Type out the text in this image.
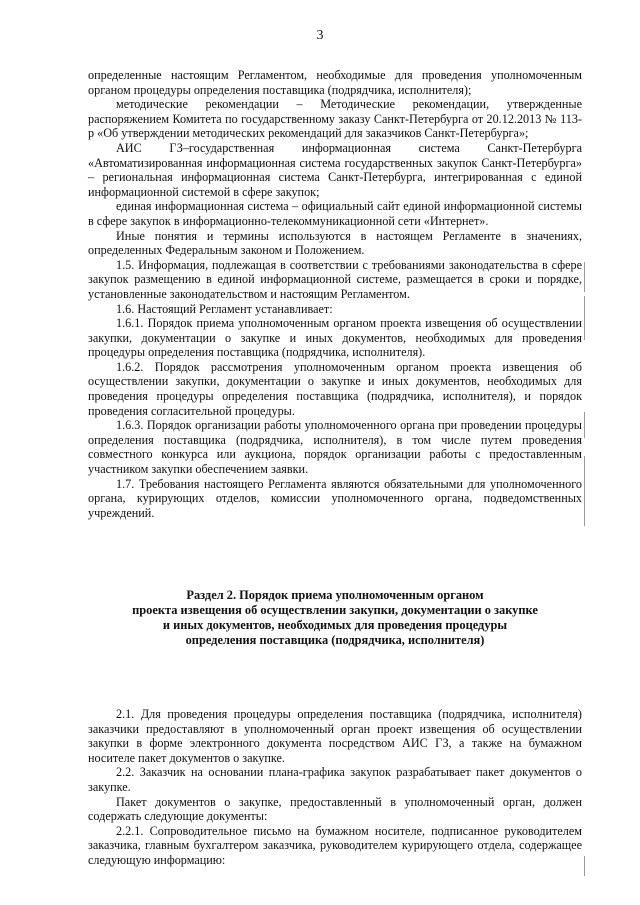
3

определенные настоящим Регламентом, необходимые для проведения уполномоченным органом процедуры определения поставщика (подрядчика, исполнителя);

методические рекомендации – Методические рекомендации, утвержденные распоряжением Комитета по государственному заказу Санкт-Петербурга от 20.12.2013 № 113-р «Об утверждении методических рекомендаций для заказчиков Санкт-Петербурга»;

АИС ГЗ–государственная информационная система Санкт-Петербурга «Автоматизированная информационная система государственных закупок Санкт-Петербурга» – региональная информационная система Санкт-Петербурга, интегрированная с единой информационной системой в сфере закупок;

единая информационная система – официальный сайт единой информационной системы в сфере закупок в информационно-телекоммуникационной сети «Интернет».

Иные понятия и термины используются в настоящем Регламенте в значениях, определенных Федеральным законом и Положением.

1.5. Информация, подлежащая в соответствии с требованиями законодательства в сфере закупок размещению в единой информационной системе, размещается в сроки и порядке, установленные законодательством и настоящим Регламентом.

1.6. Настоящий Регламент устанавливает:

1.6.1. Порядок приема уполномоченным органом проекта извещения об осуществлении закупки, документации о закупке и иных документов, необходимых для проведения процедуры определения поставщика (подрядчика, исполнителя).

1.6.2. Порядок рассмотрения уполномоченным органом проекта извещения об осуществлении закупки, документации о закупке и иных документов, необходимых для проведения процедуры определения поставщика (подрядчика, исполнителя), и порядок проведения согласительной процедуры.

1.6.3. Порядок организации работы уполномоченного органа при проведении процедуры определения поставщика (подрядчика, исполнителя), в том числе путем проведения совместного конкурса или аукциона, порядок организации работы с предоставленным участником закупки обеспечением заявки.

1.7. Требования настоящего Регламента являются обязательными для уполномоченного органа, курирующих отделов, комиссии уполномоченного органа, подведомственных учреждений.

Раздел 2. Порядок приема уполномоченным органом
проекта извещения об осуществлении закупки, документации о закупке
и иных документов, необходимых для проведения процедуры
определения поставщика (подрядчика, исполнителя)

2.1. Для проведения процедуры определения поставщика (подрядчика, исполнителя) заказчики предоставляют в уполномоченный орган проект извещения об осуществлении закупки в форме электронного документа посредством АИС ГЗ, а также на бумажном носителе пакет документов о закупке.

2.2. Заказчик на основании плана-графика закупок разрабатывает пакет документов о закупке.

Пакет документов о закупке, предоставленный в уполномоченный орган, должен содержать следующие документы:

2.2.1. Сопроводительное письмо на бумажном носителе, подписанное руководителем заказчика, главным бухгалтером заказчика, руководителем курирующего отдела, содержащее следующую информацию:
